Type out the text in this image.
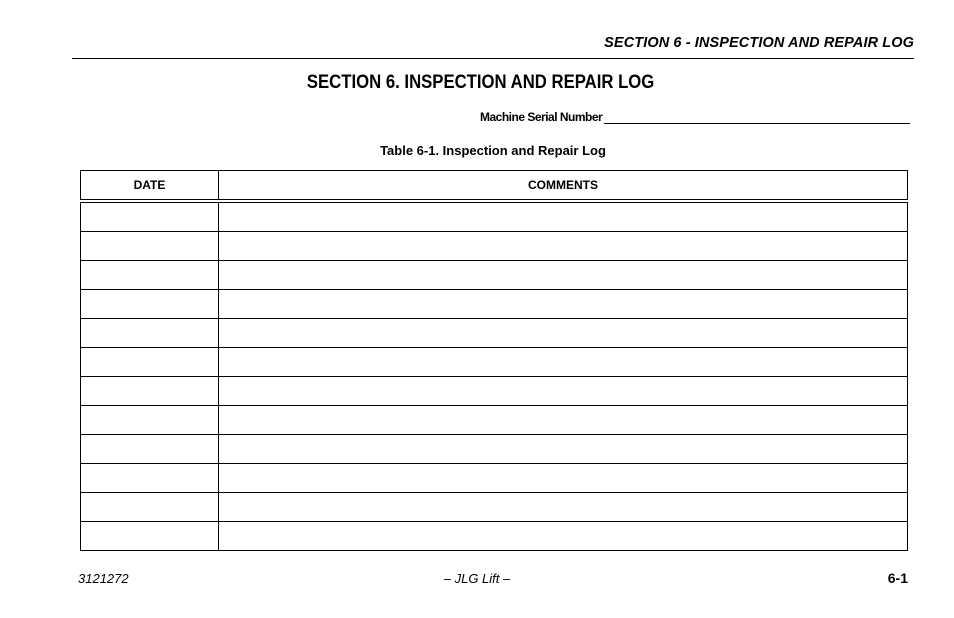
SECTION 6 - INSPECTION AND REPAIR LOG
SECTION 6. INSPECTION AND REPAIR LOG
Machine Serial Number
Table 6-1. Inspection and Repair Log
DATE	COMMENTS

3121272	– JLG Lift –	6-1
